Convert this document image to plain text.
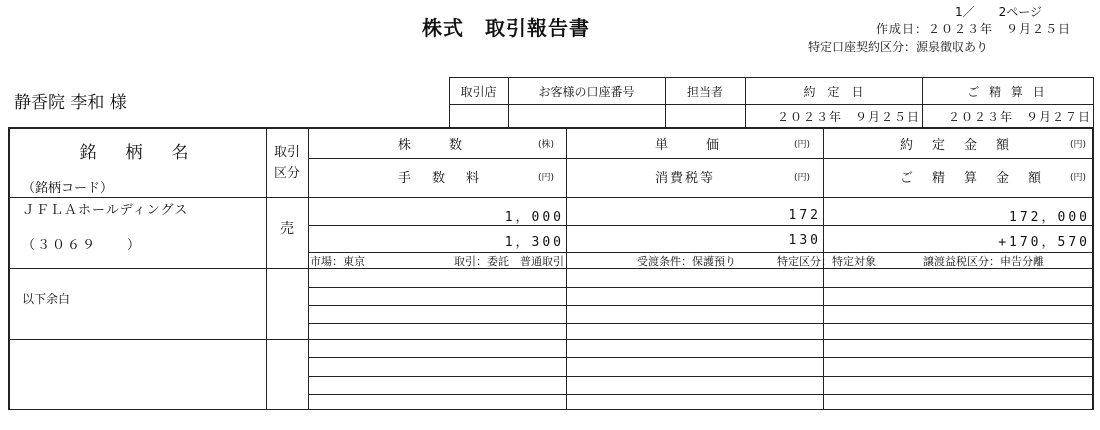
1／　　2ページ
作成日：２０２３年　９月２５日
特定口座契約区分：源泉徴収あり
株式　取引報告書
静香院 李和 様
取引店	お客様の口座番号	担当者	約　定　日	ご 精 算 日
２０２３年　９月２５日	２０２３年　９月２７日
銘　柄　名
（銘柄コード）
取引
区分
株　　数	(株)	単　　価	(円)	約　定　金　額	(円)
手　数　料	(円)	消費税等	(円)	ご　精　算　金　額	(円)
ＪＦＬＡホールディングス
（３０６９　　）
売
1，000	172	172，000
1，300	130	+170，570
市場：東京	取引：委託　普通取引	受渡条件：保護預り	特定区分：特定対象	譲渡益税区分：申告分離
以下余白
